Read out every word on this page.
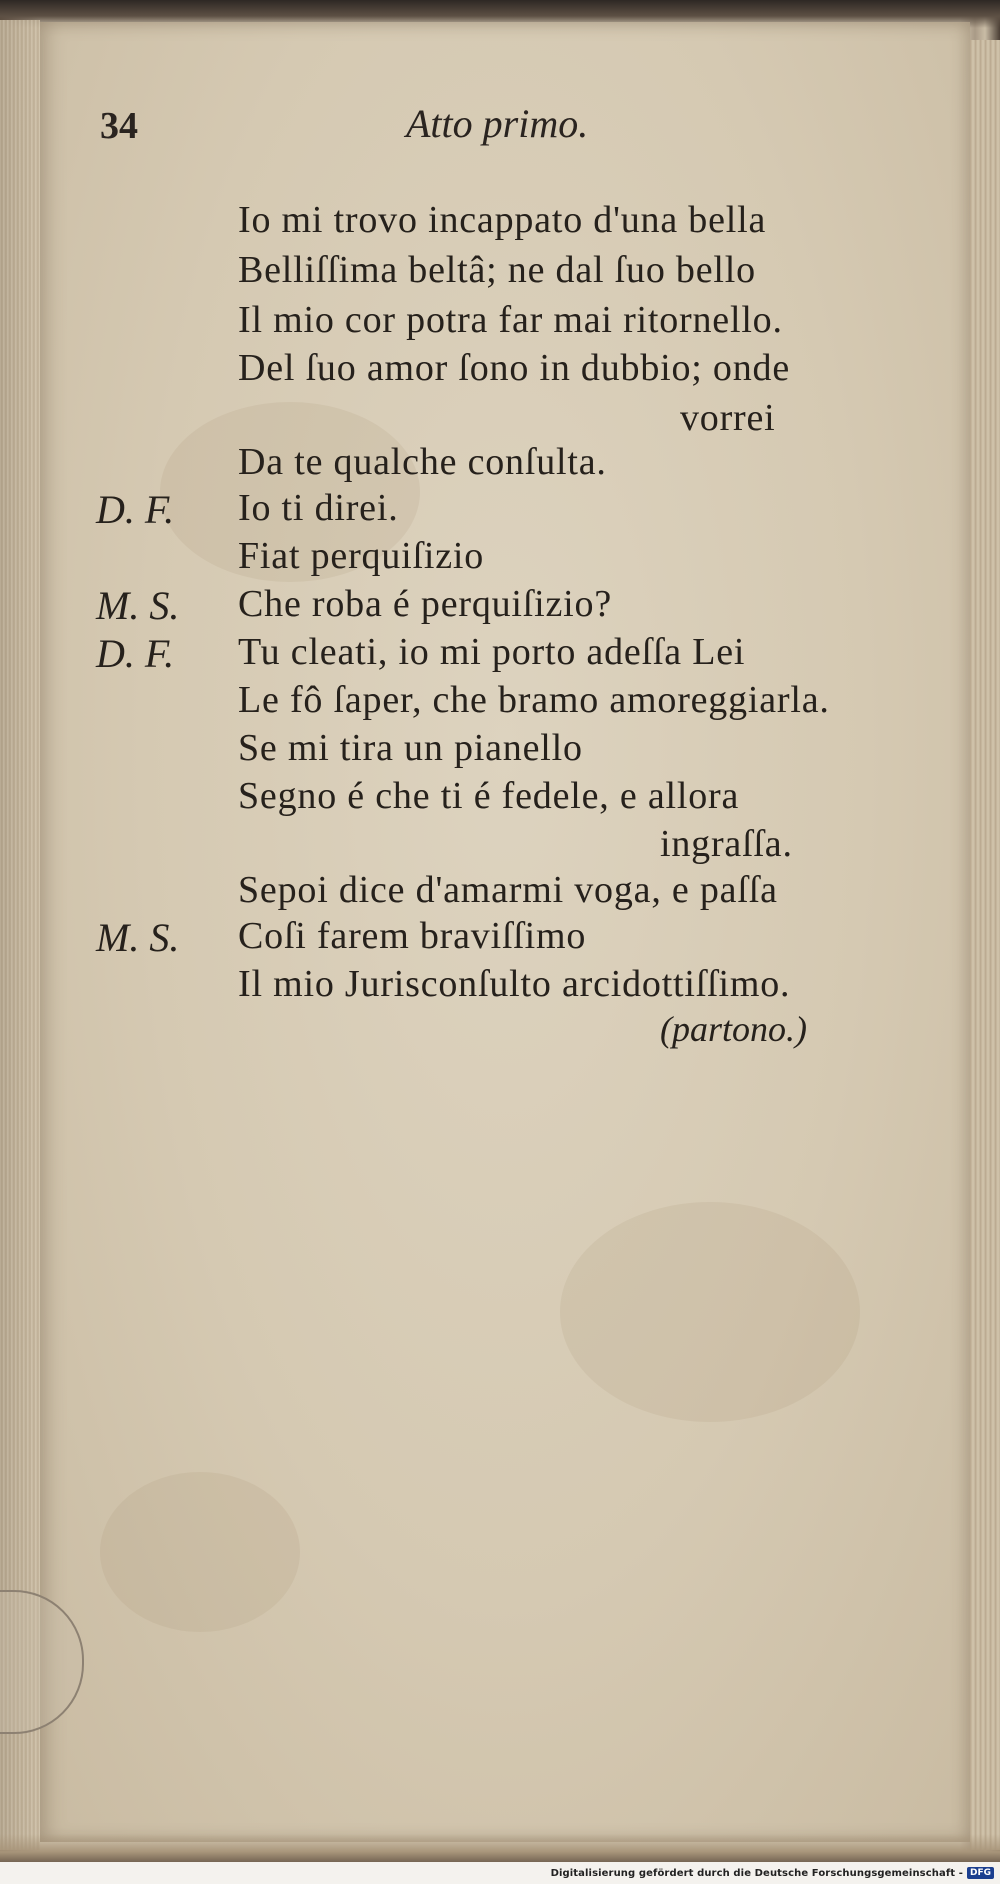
34	Atto primo.
Io mi trovo incappato d'una bella
Belliſſima beltâ; ne dal ſuo bello
Il mio cor potra far mai ritornello.
Del ſuo amor ſono in dubbio; onde
vorrei
Da te qualche conſulta.
D. F. Io ti direi.
Fiat perquiſizio
M. S. Che roba é perquiſizio?
D. F. Tu cleati, io mi porto adeſſa Lei
Le fô ſaper, che bramo amoreggiarla.
Se mi tira un pianello
Segno é che ti é fedele, e allora
ingraſſa.
Sepoi dice d'amarmi voga, e paſſa
M. S. Coſi farem braviſſimo
Il mio Jurisconſulto arcidottiſſimo.
(partono.)
Digitalisierung gefördert durch die Deutsche Forschungsgemeinschaft - DFG
